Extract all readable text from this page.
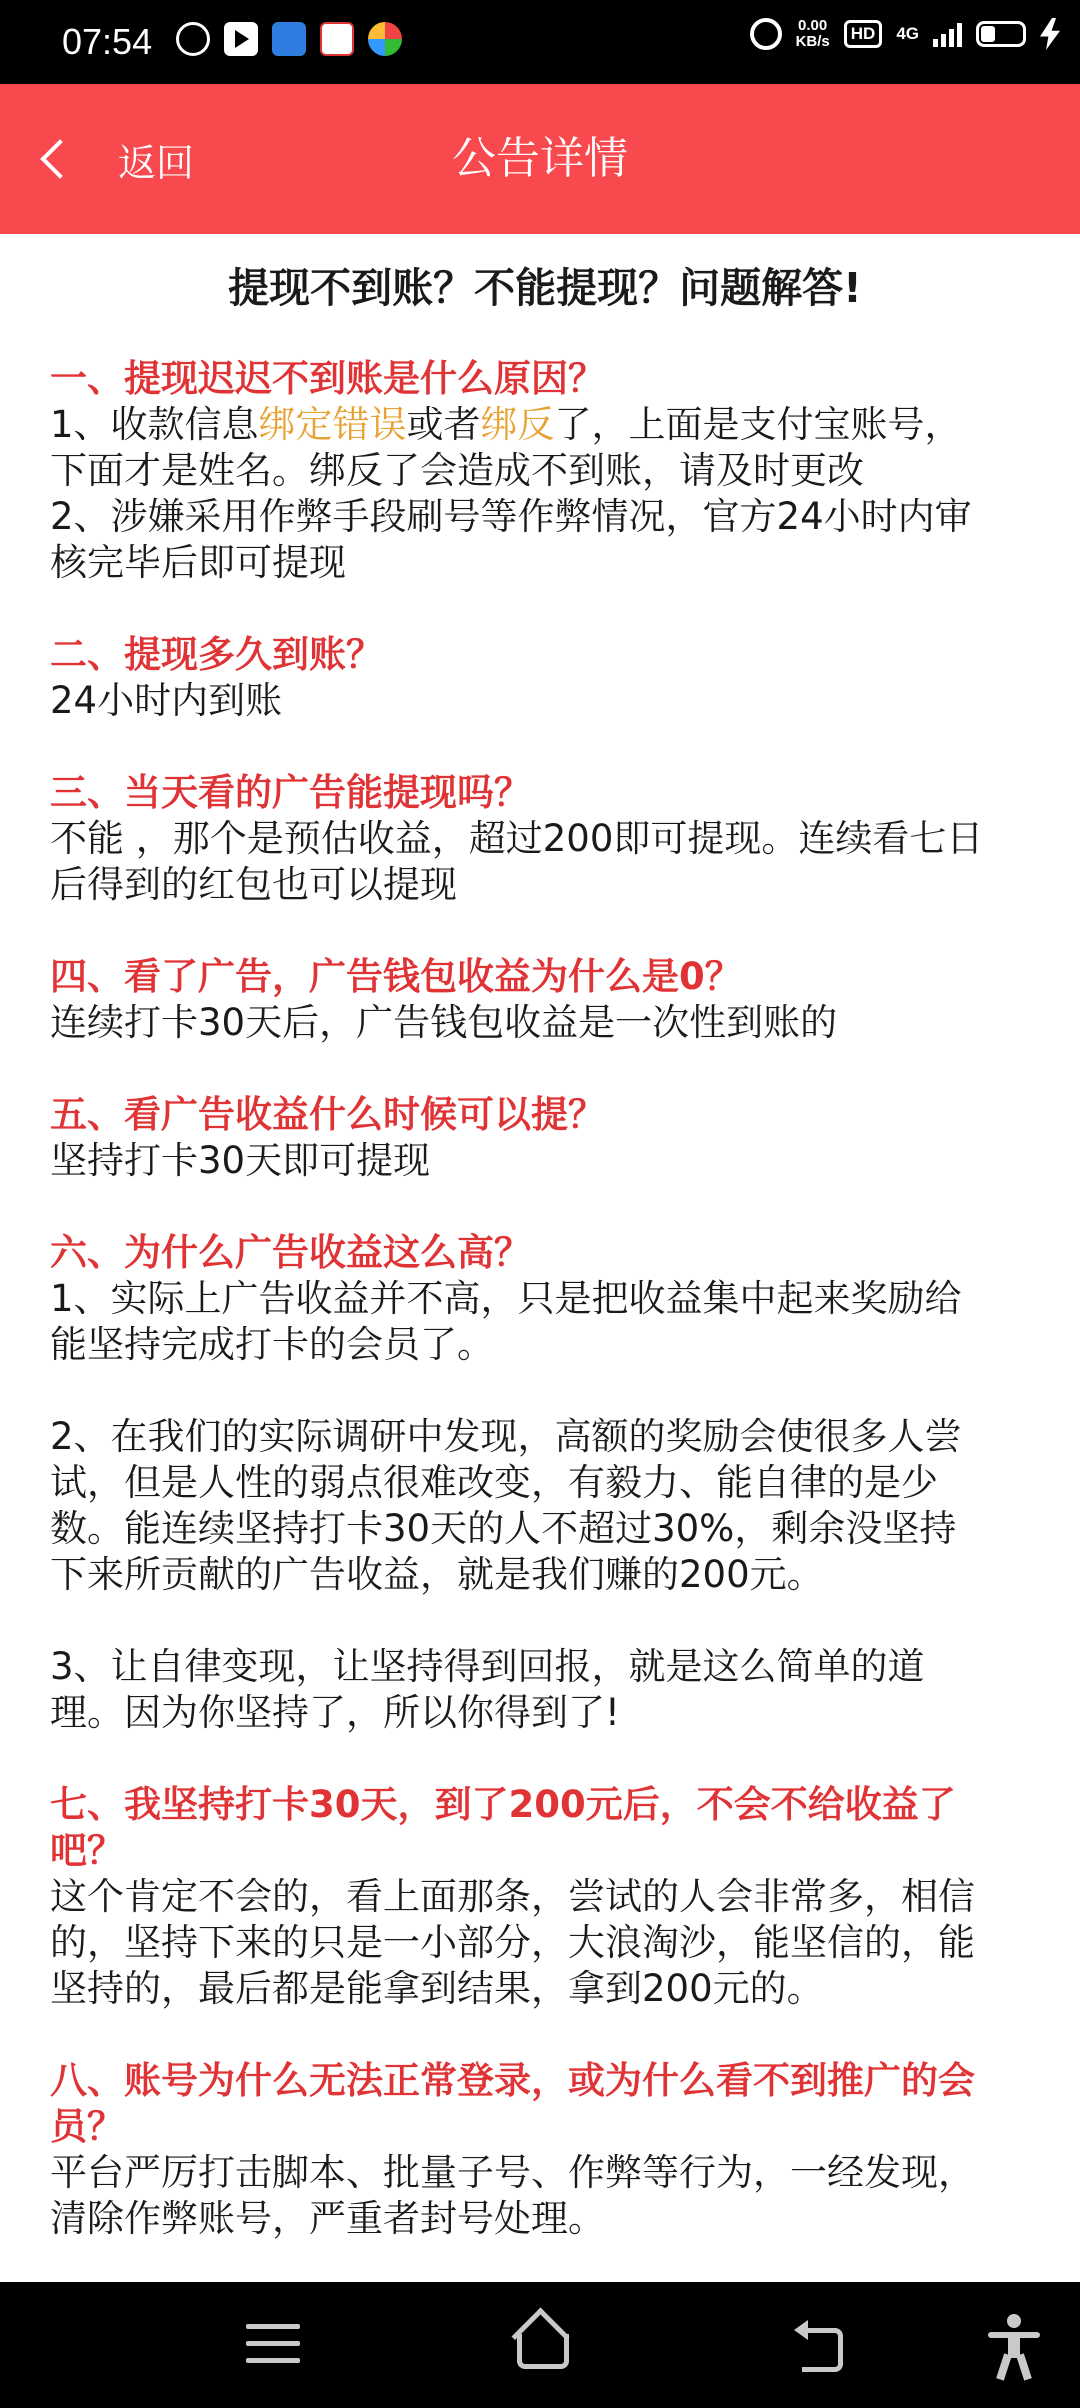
07:54	0.00
KB/s	HD	4G
返回	公告详情
提现不到账？不能提现？问题解答!
一、提现迟迟不到账是什么原因？
1、收款信息绑定错误或者绑反了，上面是支付宝账号，
下面才是姓名。绑反了会造成不到账，请及时更改
2、涉嫌采用作弊手段刷号等作弊情况，官方24小时内审
核完毕后即可提现
二、提现多久到账？
24小时内到账
三、当天看的广告能提现吗？
不能 ，那个是预估收益，超过200即可提现。连续看七日
后得到的红包也可以提现
四、看了广告，广告钱包收益为什么是0？
连续打卡30天后，广告钱包收益是一次性到账的
五、看广告收益什么时候可以提？
坚持打卡30天即可提现
六、为什么广告收益这么高？
1、实际上广告收益并不高，只是把收益集中起来奖励给
能坚持完成打卡的会员了。
2、在我们的实际调研中发现，高额的奖励会使很多人尝
试，但是人性的弱点很难改变，有毅力、能自律的是少
数。能连续坚持打卡30天的人不超过30%，剩余没坚持
下来所贡献的广告收益，就是我们赚的200元。
3、让自律变现，让坚持得到回报，就是这么简单的道
理。因为你坚持了，所以你得到了!
七、我坚持打卡30天，到了200元后，不会不给收益了
吧？
这个肯定不会的，看上面那条，尝试的人会非常多，相信
的，坚持下来的只是一小部分，大浪淘沙，能坚信的，能
坚持的，最后都是能拿到结果，拿到200元的。
八、账号为什么无法正常登录，或为什么看不到推广的会
员？
平台严厉打击脚本、批量子号、作弊等行为，一经发现，
清除作弊账号，严重者封号处理。
